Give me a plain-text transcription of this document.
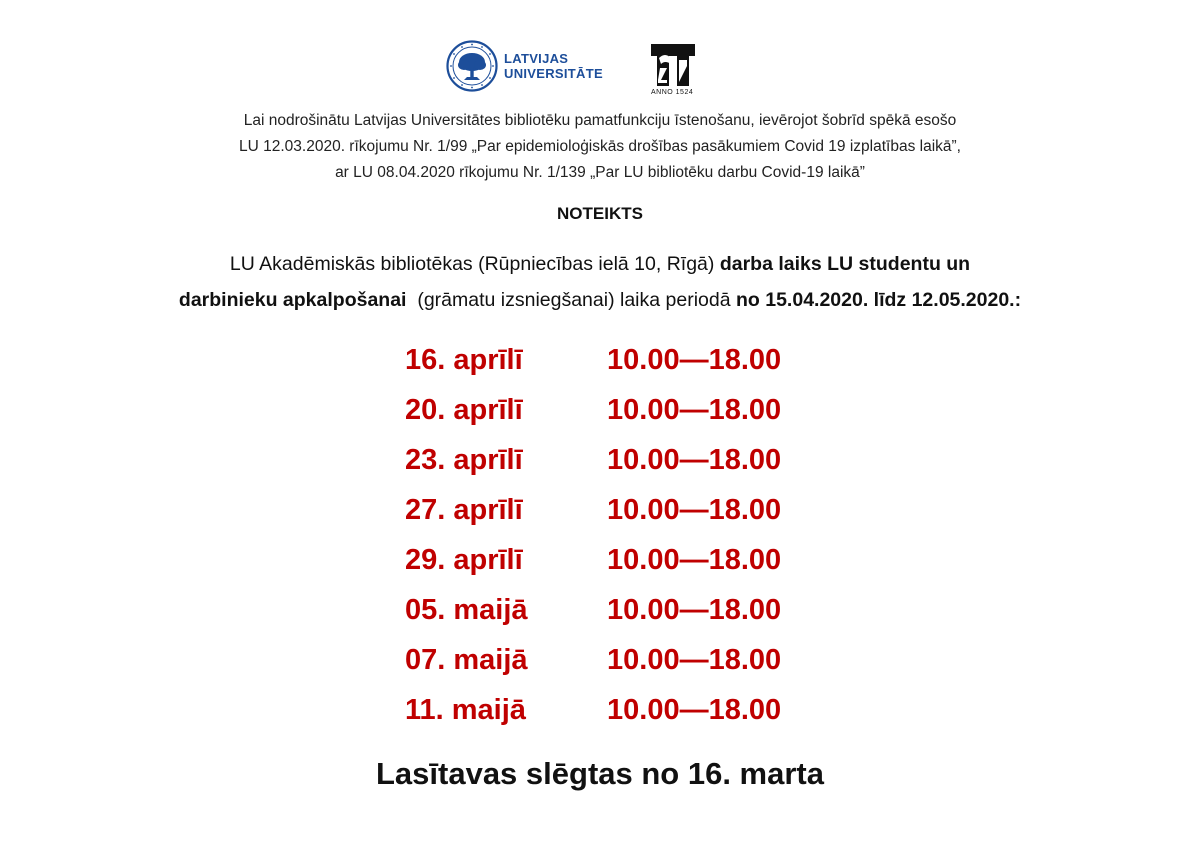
LATVIJAS
UNIVERSITĀTE
ANNO 1524
Lai nodrošinātu Latvijas Universitātes bibliotēku pamatfunkciju īstenošanu, ievērojot šobrīd spēkā esošo
LU 12.03.2020. rīkojumu Nr. 1/99 „Par epidemioloģiskās drošības pasākumiem Covid 19 izplatības laikā”,
ar LU 08.04.2020 rīkojumu Nr. 1/139 „Par LU bibliotēku darbu Covid-19 laikā”
NOTEIKTS
LU Akadēmiskās bibliotēkas (Rūpniecības ielā 10, Rīgā) darba laiks LU studentu un
darbinieku apkalpošanai  (grāmatu izsniegšanai) laika periodā no 15.04.2020. līdz 12.05.2020.:
16. aprīlī	10.00—18.00
20. aprīlī	10.00—18.00
23. aprīlī	10.00—18.00
27. aprīlī	10.00—18.00
29. aprīlī	10.00—18.00
05. maijā	10.00—18.00
07. maijā	10.00—18.00
11. maijā	10.00—18.00
Lasītavas slēgtas no 16. marta
